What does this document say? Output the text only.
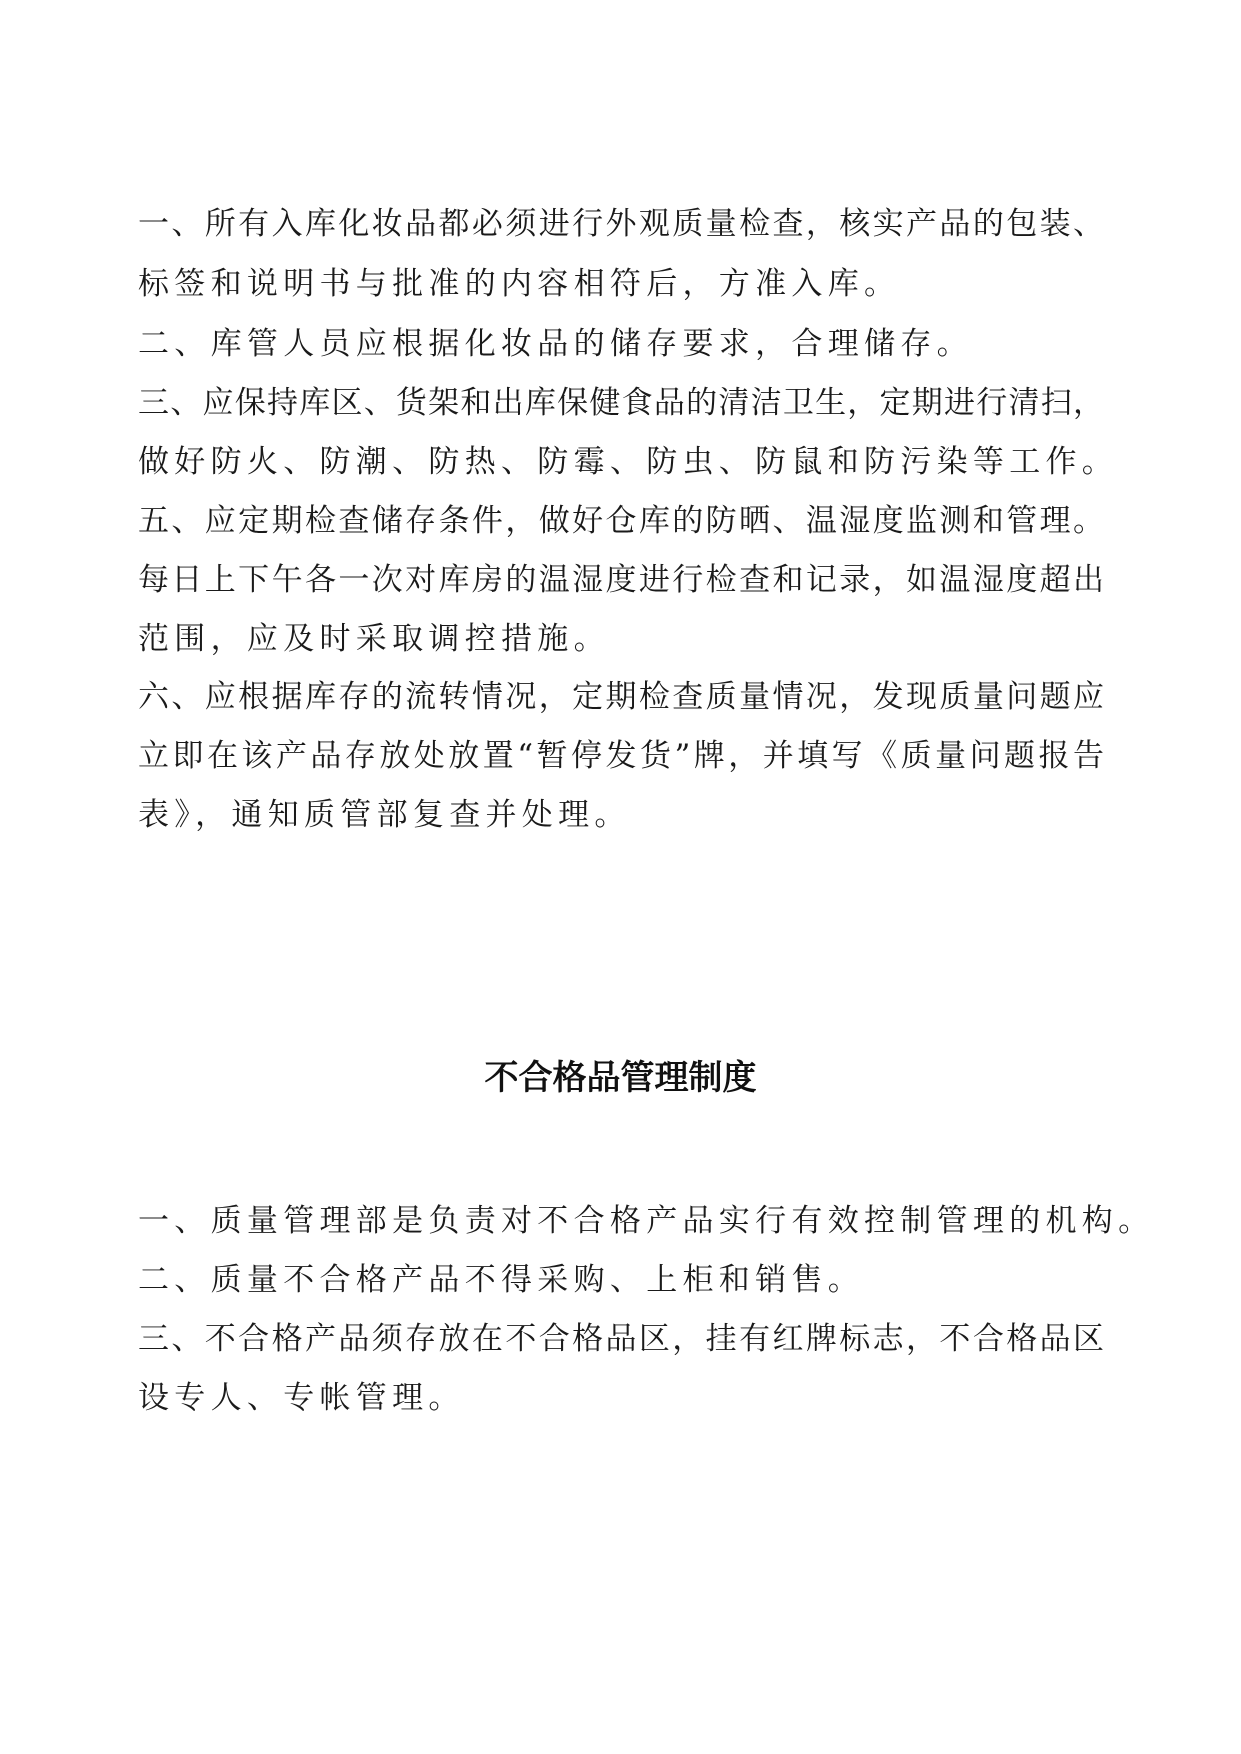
一、所有入库化妆品都必须进行外观质量检查，核实产品的包装、
标签和说明书与批准的内容相符后，方准入库。
二、库管人员应根据化妆品的储存要求，合理储存。
三、应保持库区、货架和出库保健食品的清洁卫生，定期进行清扫，
做好防火、防潮、防热、防霉、防虫、防鼠和防污染等工作。
五、应定期检查储存条件，做好仓库的防晒、温湿度监测和管理。
每日上下午各一次对库房的温湿度进行检查和记录，如温湿度超出
范围，应及时采取调控措施。
六、应根据库存的流转情况，定期检查质量情况，发现质量问题应
立即在该产品存放处放置“暂停发货”牌，并填写《质量问题报告
表》，通知质管部复查并处理。
不合格品管理制度
一、质量管理部是负责对不合格产品实行有效控制管理的机构。
二、质量不合格产品不得采购、上柜和销售。
三、不合格产品须存放在不合格品区，挂有红牌标志，不合格品区
设专人、专帐管理。
